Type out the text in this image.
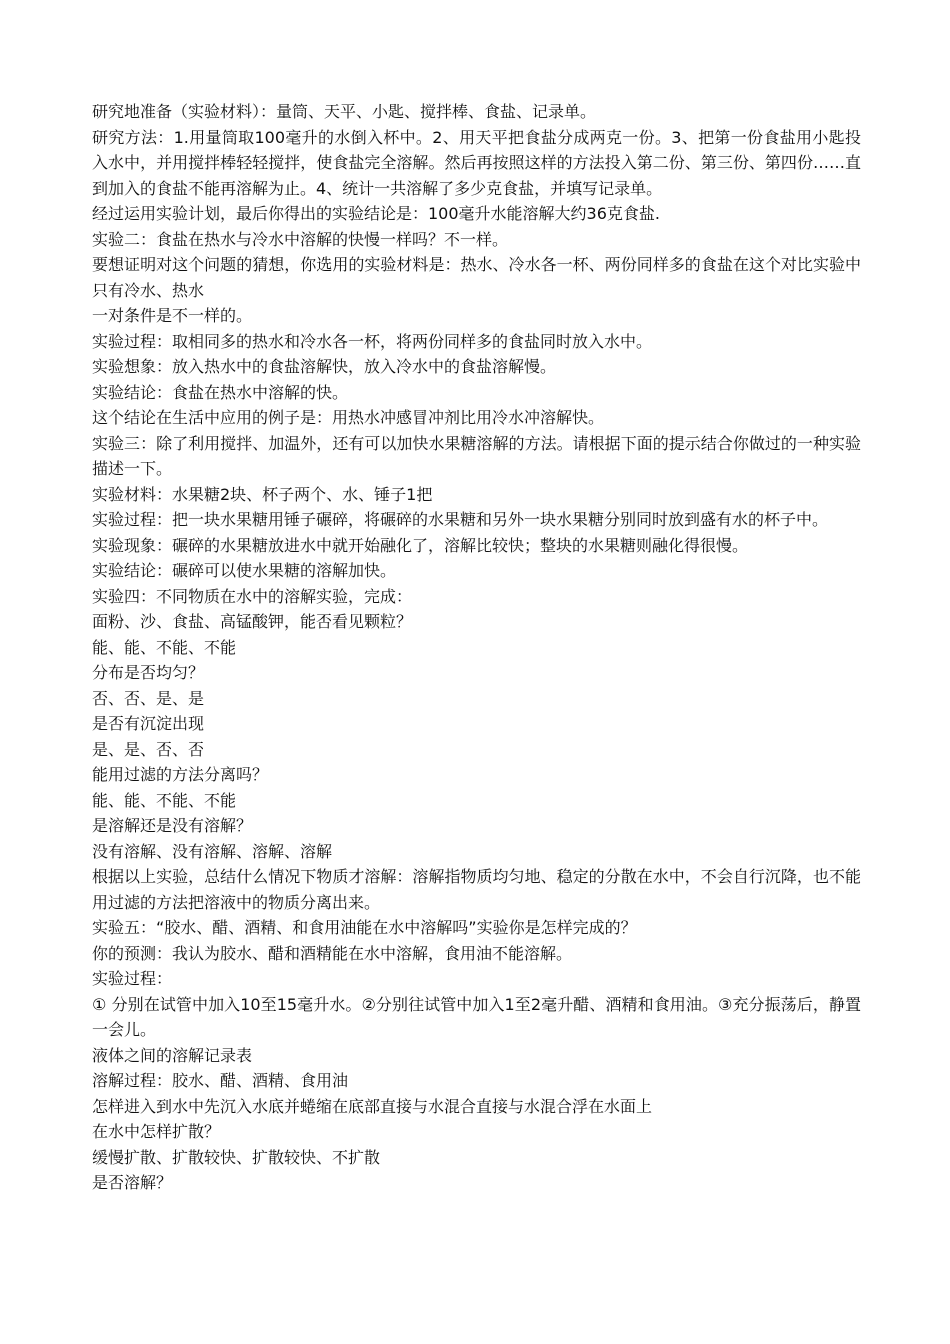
研究地准备（实验材料）：量筒、天平、小匙、搅拌棒、食盐、记录单。

研究方法：1.用量筒取100毫升的水倒入杯中。2、用天平把食盐分成两克一份。3、把第一份食盐用小匙投入水中，并用搅拌棒轻轻搅拌，使食盐完全溶解。然后再按照这样的方法投入第二份、第三份、第四份……直到加入的食盐不能再溶解为止。4、统计一共溶解了多少克食盐，并填写记录单。

经过运用实验计划，最后你得出的实验结论是：100毫升水能溶解大约36克食盐.

实验二：食盐在热水与冷水中溶解的快慢一样吗？不一样。

要想证明对这个问题的猜想，你选用的实验材料是：热水、冷水各一杯、两份同样多的食盐在这个对比实验中只有冷水、热水

一对条件是不一样的。

实验过程：取相同多的热水和冷水各一杯，将两份同样多的食盐同时放入水中。

实验想象：放入热水中的食盐溶解快，放入冷水中的食盐溶解慢。

实验结论：食盐在热水中溶解的快。

这个结论在生活中应用的例子是：用热水冲感冒冲剂比用冷水冲溶解快。

实验三：除了利用搅拌、加温外，还有可以加快水果糖溶解的方法。请根据下面的提示结合你做过的一种实验描述一下。

实验材料：水果糖2块、杯子两个、水、锤子1把

实验过程：把一块水果糖用锤子碾碎，将碾碎的水果糖和另外一块水果糖分别同时放到盛有水的杯子中。

实验现象：碾碎的水果糖放进水中就开始融化了，溶解比较快；整块的水果糖则融化得很慢。

实验结论：碾碎可以使水果糖的溶解加快。

实验四：不同物质在水中的溶解实验，完成：

面粉、沙、食盐、高锰酸钾，能否看见颗粒？

能、能、不能、不能

分布是否均匀？

否、否、是、是

是否有沉淀出现

是、是、否、否

能用过滤的方法分离吗？

能、能、不能、不能

是溶解还是没有溶解？

没有溶解、没有溶解、溶解、溶解

根据以上实验，总结什么情况下物质才溶解：溶解指物质均匀地、稳定的分散在水中，不会自行沉降，也不能用过滤的方法把溶液中的物质分离出来。

实验五：“胶水、醋、酒精、和食用油能在水中溶解吗”实验你是怎样完成的？

你的预测：我认为胶水、醋和酒精能在水中溶解，食用油不能溶解。

实验过程：

① 分别在试管中加入10至15毫升水。②分别往试管中加入1至2毫升醋、酒精和食用油。③充分振荡后，静置一会儿。

液体之间的溶解记录表

溶解过程：胶水、醋、酒精、食用油

怎样进入到水中先沉入水底并蜷缩在底部直接与水混合直接与水混合浮在水面上

在水中怎样扩散？

缓慢扩散、扩散较快、扩散较快、不扩散

是否溶解？
